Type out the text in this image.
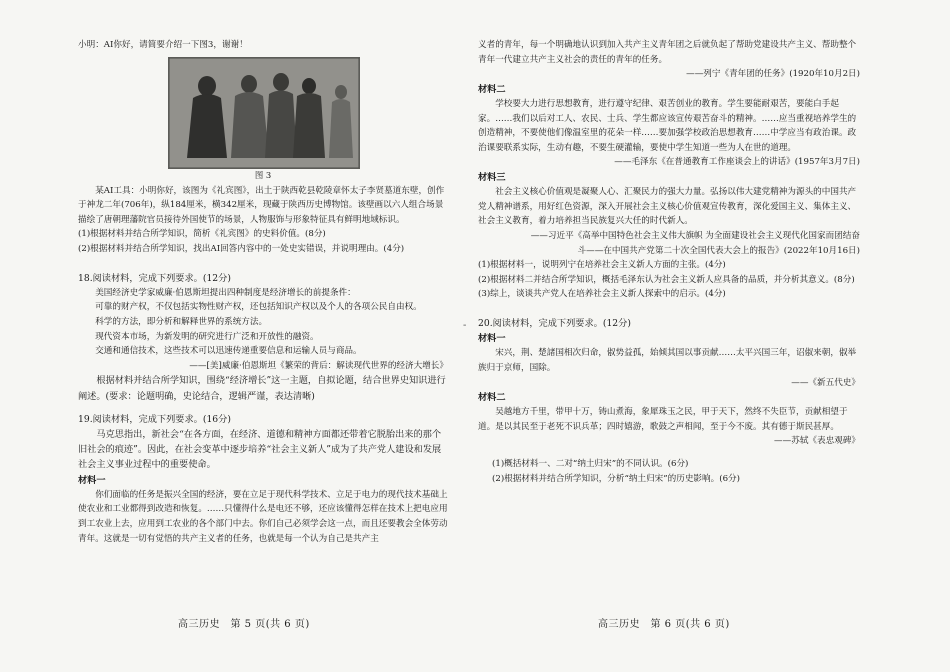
小明：AI你好，请简要介绍一下图3，谢谢！

图 3

某AI工具：小明你好，该图为《礼宾图》，出土于陕西乾县乾陵章怀太子李贤墓道东壁，创作于神龙二年(706年)，纵184厘米，横342厘米，现藏于陕西历史博物馆。该壁画以六人组合场景描绘了唐朝理藩院官员接待外国使节的场景，人物服饰与形象特征具有鲜明地域标识。

(1)根据材料并结合所学知识，简析《礼宾图》的史料价值。(8分)

(2)根据材料并结合所学知识，找出AI回答内容中的一处史实错误，并说明理由。(4分)

18.阅读材料，完成下列要求。(12分)

美国经济史学家威廉·伯恩斯坦提出四种制度是经济增长的前提条件：

可靠的财产权，不仅包括实物性财产权，还包括知识产权以及个人的各项公民自由权。

科学的方法，即分析和解释世界的系统方法。

现代资本市场，为新发明的研究进行广泛和开放性的融资。

交通和通信技术，这些技术可以迅速传递重要信息和运输人员与商品。

——[美]威廉·伯恩斯坦《繁荣的背后：解读现代世界的经济大增长》

根据材料并结合所学知识，围绕“经济增长”这一主题，自拟论题，结合世界史知识进行阐述。(要求：论题明确，史论结合，逻辑严谨，表达清晰)

19.阅读材料，完成下列要求。(16分)

马克思指出，新社会“在各方面，在经济、道德和精神方面都还带着它脱胎出来的那个旧社会的痕迹”。因此，在社会变革中逐步培养“社会主义新人”成为了共产党人建设和发展社会主义事业过程中的重要使命。

材料一

你们面临的任务是振兴全国的经济，要在立足于现代科学技术、立足于电力的现代技术基础上使农业和工业都得到改造和恢复。……只懂得什么是电还不够，还应该懂得怎样在技术上把电应用到工农业上去，应用到工农业的各个部门中去。你们自己必须学会这一点，而且还要教会全体劳动青年。这就是一切有觉悟的共产主义者的任务，也就是每一个认为自己是共产主

-

义者的青年，每一个明确地认识到加入共产主义青年团之后就负起了帮助党建设共产主义、帮助整个青年一代建立共产主义社会的责任的青年的任务。

——列宁《青年团的任务》(1920年10月2日)

材料二

学校要大力进行思想教育，进行遵守纪律、艰苦创业的教育。学生要能耐艰苦，要能白手起家。……我们以后对工人、农民、士兵、学生都应该宣传艰苦奋斗的精神。……应当重视培养学生的创造精神，不要使他们像温室里的花朵一样……要加强学校政治思想教育……中学应当有政治课。政治课要联系实际，生动有趣，不要生硬灌输，要使中学生知道一些为人在世的道理。

——毛泽东《在普通教育工作座谈会上的讲话》(1957年3月7日)

材料三

社会主义核心价值观是凝聚人心、汇聚民力的强大力量。弘扬以伟大建党精神为源头的中国共产党人精神谱系，用好红色资源，深入开展社会主义核心价值观宣传教育，深化爱国主义、集体主义、社会主义教育，着力培养担当民族复兴大任的时代新人。

——习近平《高举中国特色社会主义伟大旗帜 为全面建设社会主义现代化国家而团结奋

斗——在中国共产党第二十次全国代表大会上的报告》(2022年10月16日)

(1)根据材料一，说明列宁在培养社会主义新人方面的主张。(4分)

(2)根据材料二并结合所学知识，概括毛泽东认为社会主义新人应具备的品质，并分析其意义。(8分)

(3)综上，谈谈共产党人在培养社会主义新人探索中的启示。(4分)

20.阅读材料，完成下列要求。(12分)

材料一

宋兴，荆、楚諸国相次归命，俶势益孤，始倾其国以事贡献……太平兴国三年，诏俶来朝，俶举族归于京师，国除。

——《新五代史》

材料二

吴越地方千里，带甲十万，铸山煮海，象犀珠玉之民，甲于天下，然终不失臣节，贡献相望于道。是以其民至于老死不识兵革；四时嬉游，歌鼓之声相闻，至于今不废。其有德于斯民甚厚。

——苏轼《表忠观碑》

(1)概括材料一、二对“纳土归宋”的不同认识。(6分)

(2)根据材料并结合所学知识，分析“纳土归宋”的历史影响。(6分)

高三历史　第 5 页(共 6 页)	高三历史　第 6 页(共 6 页)
